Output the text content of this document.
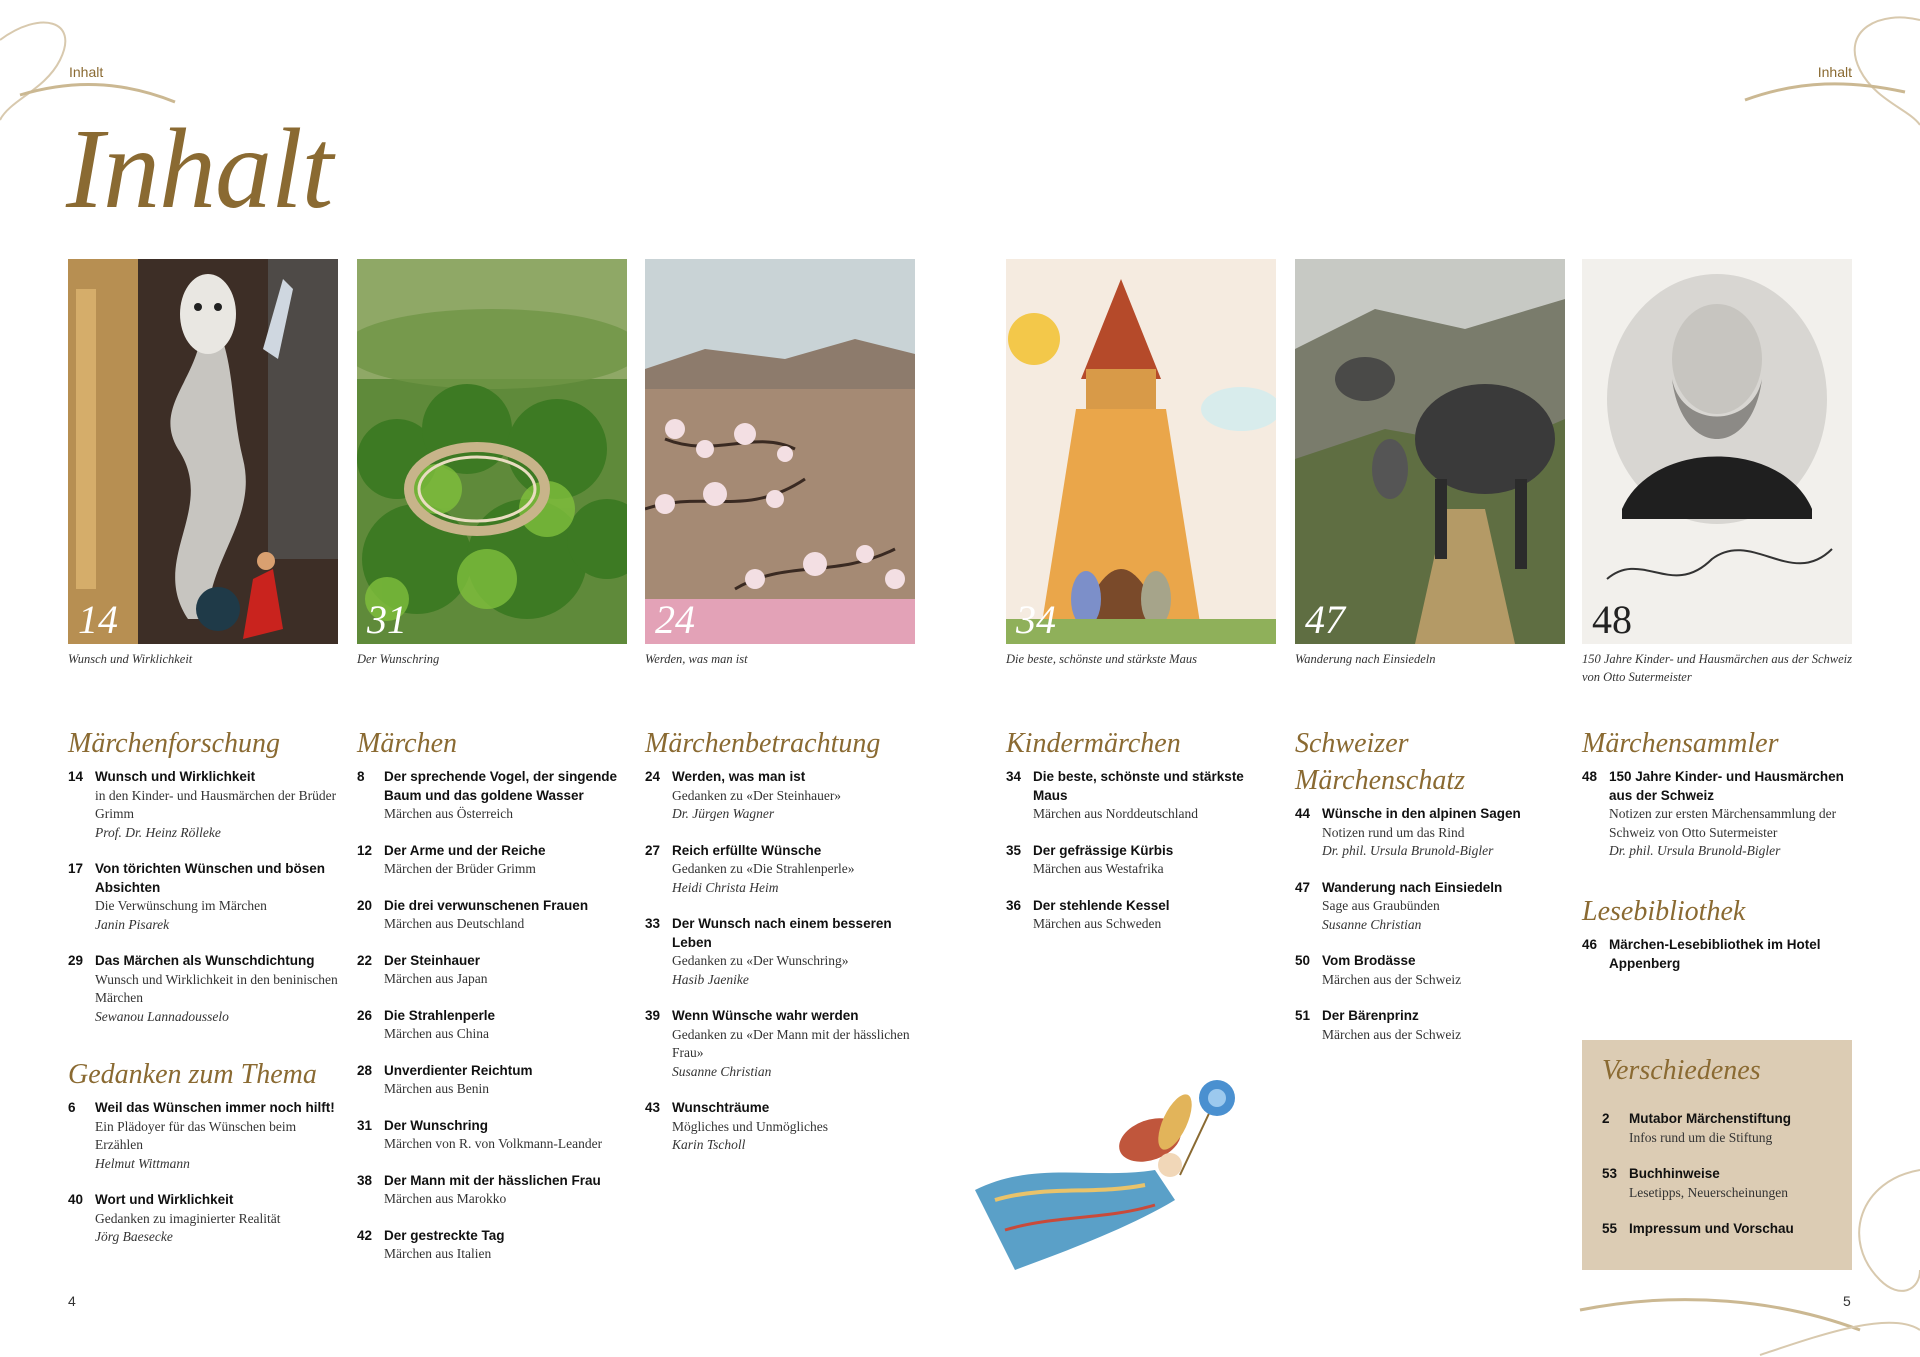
Inhalt	Inhalt
Inhalt
14
Wunsch und Wirklichkeit
31
Der Wunschring
24
Werden, was man ist
34
Die beste, schönste und stärkste Maus
47
Wanderung nach Einsiedeln
48
150 Jahre Kinder- und Hausmärchen aus der Schweiz von Otto Sutermeister
Märchenforschung
14 Wunsch und Wirklichkeit
in den Kinder- und Hausmärchen der Brüder Grimm
Prof. Dr. Heinz Rölleke
17 Von törichten Wünschen und bösen Absichten
Die Verwünschung im Märchen
Janin Pisarek
29 Das Märchen als Wunschdichtung
Wunsch und Wirklichkeit in den beninischen Märchen
Sewanou Lannadousselo
Gedanken zum Thema
6 Weil das Wünschen immer noch hilft!
Ein Plädoyer für das Wünschen beim Erzählen
Helmut Wittmann
40 Wort und Wirklichkeit
Gedanken zu imaginierter Realität
Jörg Baesecke
Märchen
8 Der sprechende Vogel, der singende Baum und das goldene Wasser
Märchen aus Österreich
12 Der Arme und der Reiche
Märchen der Brüder Grimm
20 Die drei verwunschenen Frauen
Märchen aus Deutschland
22 Der Steinhauer
Märchen aus Japan
26 Die Strahlenperle
Märchen aus China
28 Unverdienter Reichtum
Märchen aus Benin
31 Der Wunschring
Märchen von R. von Volkmann-Leander
38 Der Mann mit der hässlichen Frau
Märchen aus Marokko
42 Der gestreckte Tag
Märchen aus Italien
Märchenbetrachtung
24 Werden, was man ist
Gedanken zu «Der Steinhauer»
Dr. Jürgen Wagner
27 Reich erfüllte Wünsche
Gedanken zu «Die Strahlenperle»
Heidi Christa Heim
33 Der Wunsch nach einem besseren Leben
Gedanken zu «Der Wunschring»
Hasib Jaenike
39 Wenn Wünsche wahr werden
Gedanken zu «Der Mann mit der hässlichen Frau»
Susanne Christian
43 Wunschträume
Mögliches und Unmögliches
Karin Tscholl
Kindermärchen
34 Die beste, schönste und stärkste Maus
Märchen aus Norddeutschland
35 Der gefrässige Kürbis
Märchen aus Westafrika
36 Der stehlende Kessel
Märchen aus Schweden
Schweizer
Märchenschatz
44 Wünsche in den alpinen Sagen
Notizen rund um das Rind
Dr. phil. Ursula Brunold-Bigler
47 Wanderung nach Einsiedeln
Sage aus Graubünden
Susanne Christian
50 Vom Brodässe
Märchen aus der Schweiz
51 Der Bärenprinz
Märchen aus der Schweiz
Märchensammler
48 150 Jahre Kinder- und Hausmärchen aus der Schweiz
Notizen zur ersten Märchensammlung der Schweiz von Otto Sutermeister
Dr. phil. Ursula Brunold-Bigler
Lesebibliothek
46 Märchen-Lesebibliothek im Hotel Appenberg
Verschiedenes
2 Mutabor Märchenstiftung
Infos rund um die Stiftung
53 Buchhinweise
Lesetipps, Neuerscheinungen
55 Impressum und Vorschau
4	5
